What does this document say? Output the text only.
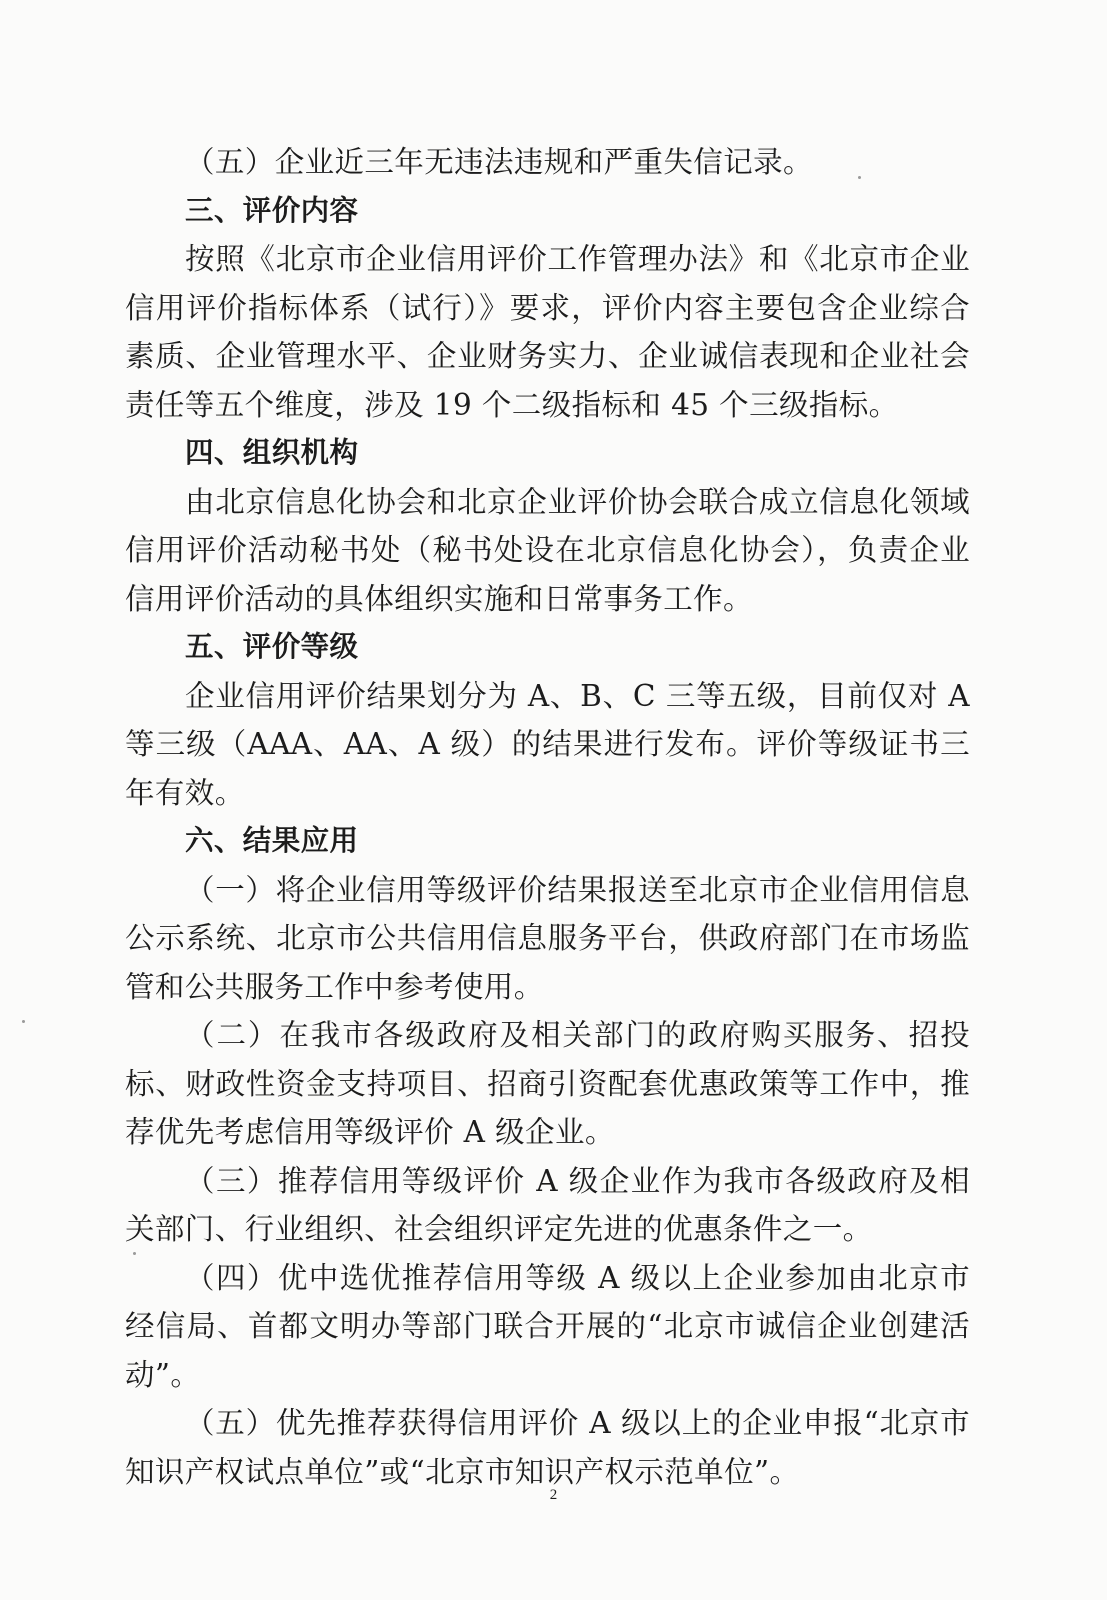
（五）企业近三年无违法违规和严重失信记录。

三、评价内容

按照《北京市企业信用评价工作管理办法》和《北京市企业信用评价指标体系（试行）》要求，评价内容主要包含企业综合素质、企业管理水平、企业财务实力、企业诚信表现和企业社会责任等五个维度，涉及 19 个二级指标和 45 个三级指标。

四、组织机构

由北京信息化协会和北京企业评价协会联合成立信息化领域信用评价活动秘书处（秘书处设在北京信息化协会），负责企业信用评价活动的具体组织实施和日常事务工作。

五、评价等级

企业信用评价结果划分为 A、B、C 三等五级，目前仅对 A 等三级（AAA、AA、A 级）的结果进行发布。评价等级证书三年有效。

六、结果应用

（一）将企业信用等级评价结果报送至北京市企业信用信息公示系统、北京市公共信用信息服务平台，供政府部门在市场监管和公共服务工作中参考使用。

（二）在我市各级政府及相关部门的政府购买服务、招投标、财政性资金支持项目、招商引资配套优惠政策等工作中，推荐优先考虑信用等级评价 A 级企业。

（三）推荐信用等级评价 A 级企业作为我市各级政府及相关部门、行业组织、社会组织评定先进的优惠条件之一。

（四）优中选优推荐信用等级 A 级以上企业参加由北京市经信局、首都文明办等部门联合开展的“北京市诚信企业创建活动”。

（五）优先推荐获得信用评价 A 级以上的企业申报“北京市知识产权试点单位”或“北京市知识产权示范单位”。

2
